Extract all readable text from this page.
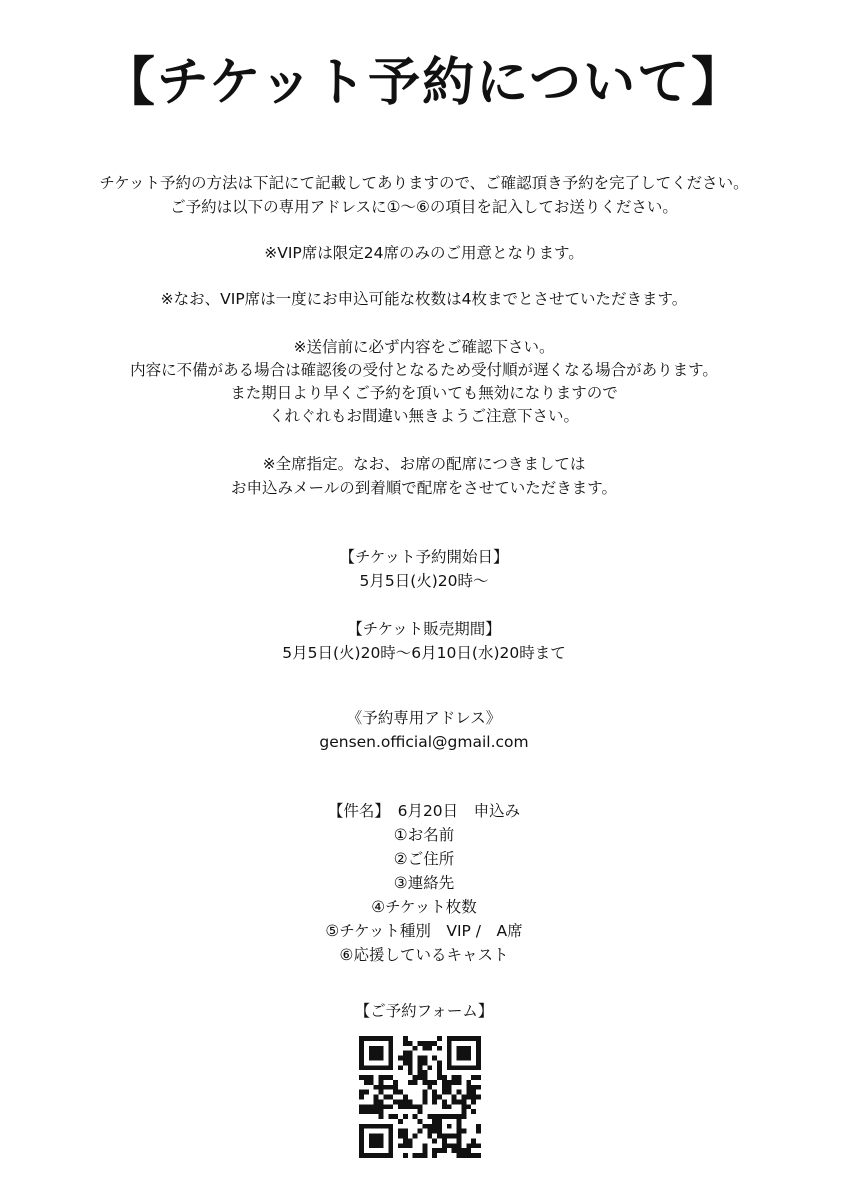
【チケット予約について】
チケット予約の方法は下記にて記載してありますので、ご確認頂き予約を完了してください。
ご予約は以下の専用アドレスに①〜⑥の項目を記入してお送りください。
※VIP席は限定24席のみのご用意となります。
※なお、VIP席は一度にお申込可能な枚数は4枚までとさせていただきます。
※送信前に必ず内容をご確認下さい。
内容に不備がある場合は確認後の受付となるため受付順が遅くなる場合があります。
また期日より早くご予約を頂いても無効になりますので
くれぐれもお間違い無きようご注意下さい。
※全席指定。なお、お席の配席につきましては
お申込みメールの到着順で配席をさせていただきます。
【チケット予約開始日】
5月5日(火)20時〜
【チケット販売期間】
5月5日(火)20時〜6月10日(水)20時まて
《予約専用アドレス》
gensen.official@gmail.com
【件名】　6月20日　申込み
①お名前
②ご住所
③連絡先
④チケット枚数
⑤チケット種別　VIP /　A席
⑥応援しているキャスト
【ご予約フォーム】
